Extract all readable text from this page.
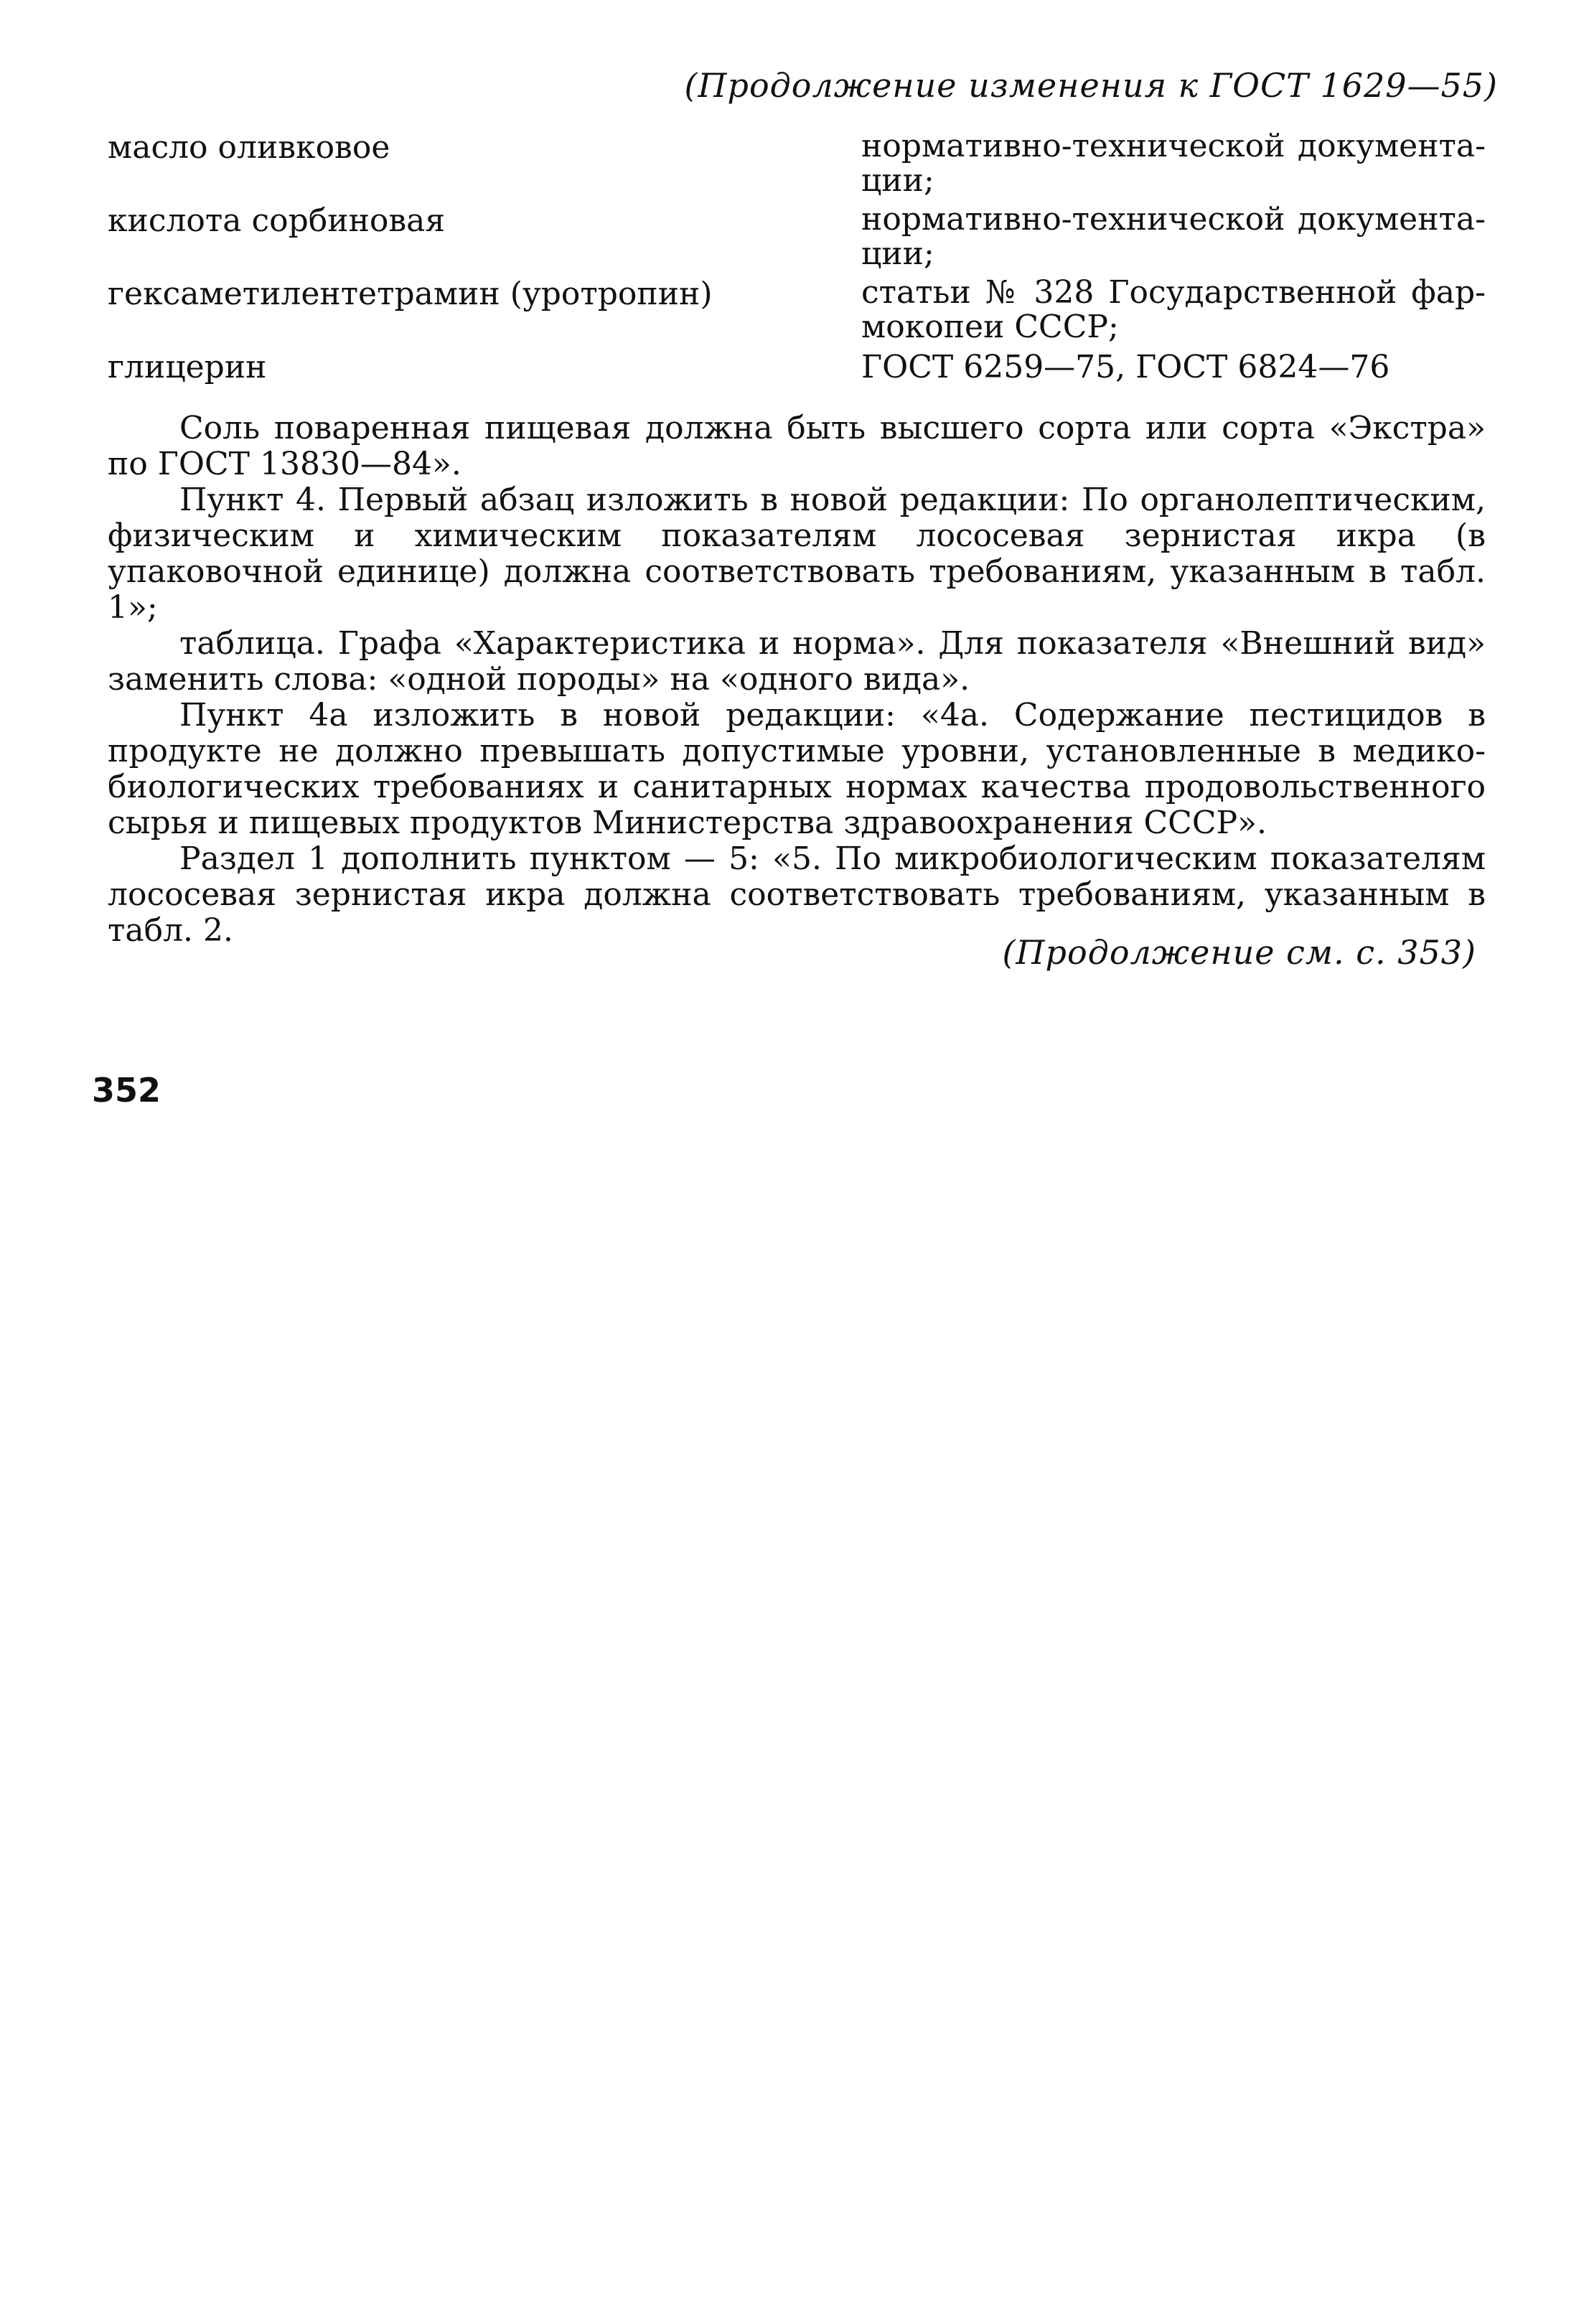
(Продолжение изменения к ГОСТ 1629—55)
масло оливковое	нормативно-технической документа-ции;
кислота сорбиновая	нормативно-технической документа-ции;
гексаметилентетрамин (уротропин)	статьи № 328 Государственной фар-мокопеи СССР;
глицерин	ГОСТ 6259—75, ГОСТ 6824—76

Соль поваренная пищевая должна быть высшего сорта или сорта «Экстра» по ГОСТ 13830—84».

Пункт 4. Первый абзац изложить в новой редакции: По органолептическим, физическим и химическим показателям лососевая зернистая икра (в упаковочной единице) должна соответствовать требованиям, указанным в табл. 1»;

таблица. Графа «Характеристика и норма». Для показателя «Внешний вид» заменить слова: «одной породы» на «одного вида».

Пункт 4а изложить в новой редакции: «4а. Содержание пестицидов в продукте не должно превышать допустимые уровни, установленные в медико-биологических требованиях и санитарных нормах качества продовольственного сырья и пищевых продуктов Министерства здравоохранения СССР».

Раздел 1 дополнить пунктом — 5: «5. По микробиологическим показателям лососевая зернистая икра должна соответствовать требованиям, указанным в табл. 2.

(Продолжение см. с. 353)
352
